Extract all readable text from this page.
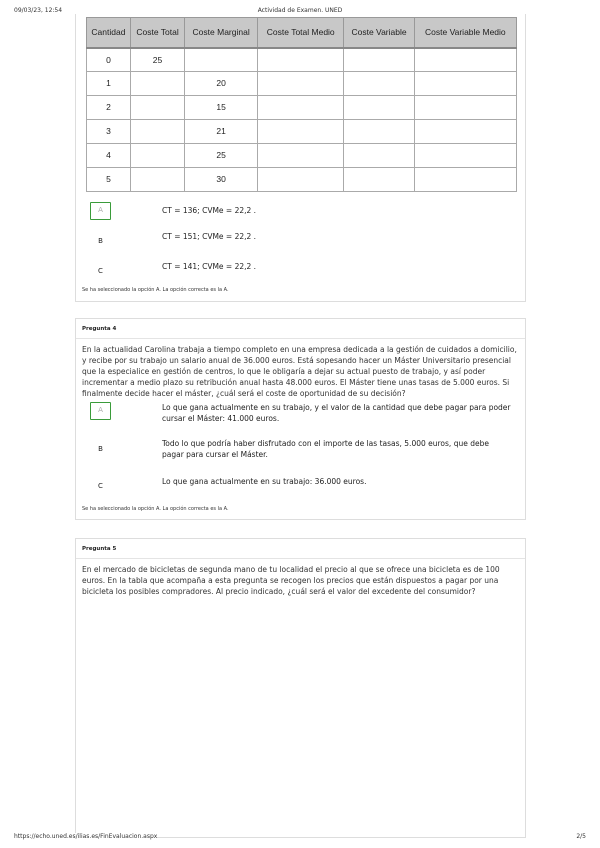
09/03/23, 12:54	Actividad de Examen. UNED
Cantidad	Coste Total	Coste Marginal	Coste Total Medio	Coste Variable	Coste Variable Medio
0	25				
1		20			
2		15			
3		21			
4		25			
5		30			
A	CT = 136; CVMe = 22,2 .
B	CT = 151; CVMe = 22,2 .
C	CT = 141; CVMe = 22,2 .
Se ha seleccionado la opción A. La opción correcta es la A.
Pregunta 4
En la actualidad Carolina trabaja a tiempo completo en una empresa dedicada a la gestión de cuidados a domicilio, y recibe por su trabajo un salario anual de 36.000 euros. Está sopesando hacer un Máster Universitario presencial que la especialice en gestión de centros, lo que le obligaría a dejar su actual puesto de trabajo, y así poder incrementar a medio plazo su retribución anual hasta 48.000 euros. El Máster tiene unas tasas de 5.000 euros. Si finalmente decide hacer el máster, ¿cuál será el coste de oportunidad de su decisión?
A	Lo que gana actualmente en su trabajo, y el valor de la cantidad que debe pagar para poder cursar el Máster: 41.000 euros.
B
Todo lo que podría haber disfrutado con el importe de las tasas, 5.000 euros, que debe pagar para cursar el Máster.
C	Lo que gana actualmente en su trabajo: 36.000 euros.
Se ha seleccionado la opción A. La opción correcta es la A.
Pregunta 5
En el mercado de bicicletas de segunda mano de tu localidad el precio al que se ofrece una bicicleta es de 100 euros. En la tabla que acompaña a esta pregunta se recogen los precios que están dispuestos a pagar por una bicicleta los posibles compradores. Al precio indicado, ¿cuál será el valor del excedente del consumidor?
https://echo.uned.es/ilias.es/FinEvaluacion.aspx	2/5
